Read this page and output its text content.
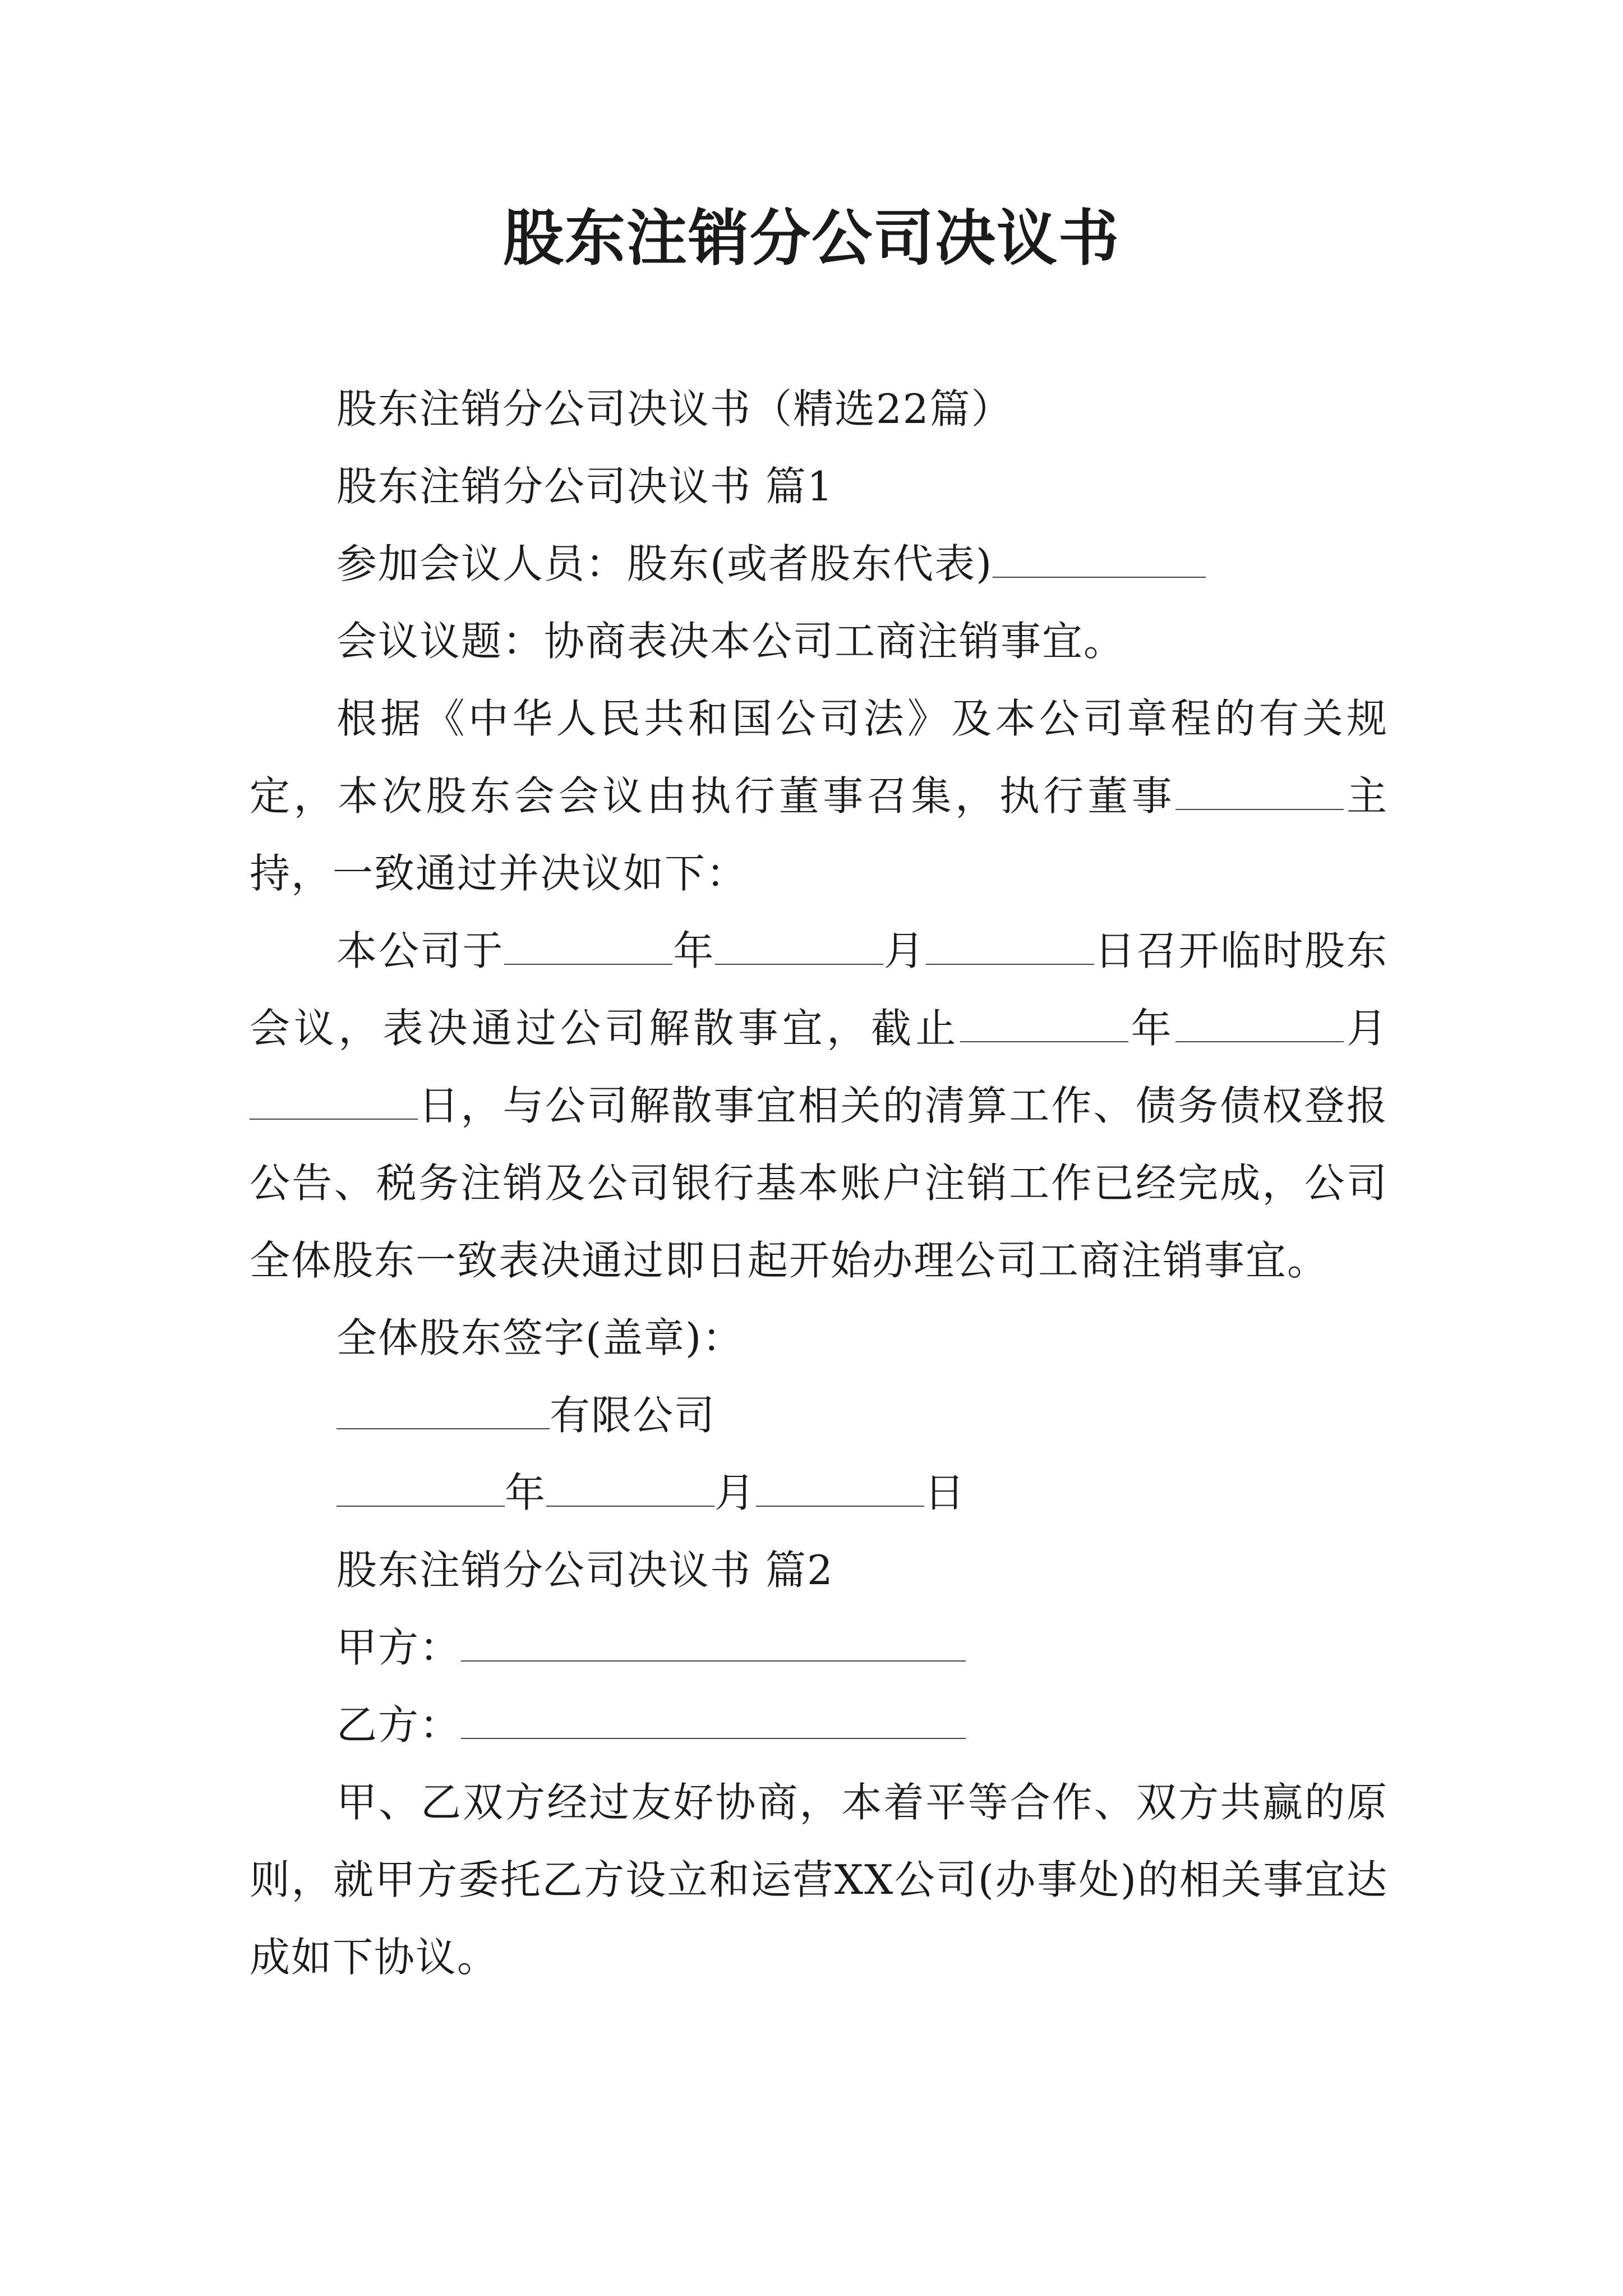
股东注销分公司决议书

股东注销分公司决议书（精选22篇）

股东注销分公司决议书 篇1

参加会议人员：股东(或者股东代表)

会议议题：协商表决本公司工商注销事宜。

根据《中华人民共和国公司法》及本公司章程的有关规定，本次股东会会议由执行董事召集，执行董事	主持，一致通过并决议如下：

本公司于	年	月	日召开临时股东会议，表决通过公司解散事宜，截止	年	月日，与公司解散事宜相关的清算工作、债务债权登报公告、税务注销及公司银行基本账户注销工作已经完成，公司全体股东一致表决通过即日起开始办理公司工商注销事宜。

全体股东签字(盖章)：

有限公司

年	月	日

股东注销分公司决议书 篇2

甲方：

乙方：

甲、乙双方经过友好协商，本着平等合作、双方共赢的原则，就甲方委托乙方设立和运营XX公司(办事处)的相关事宜达成如下协议。
